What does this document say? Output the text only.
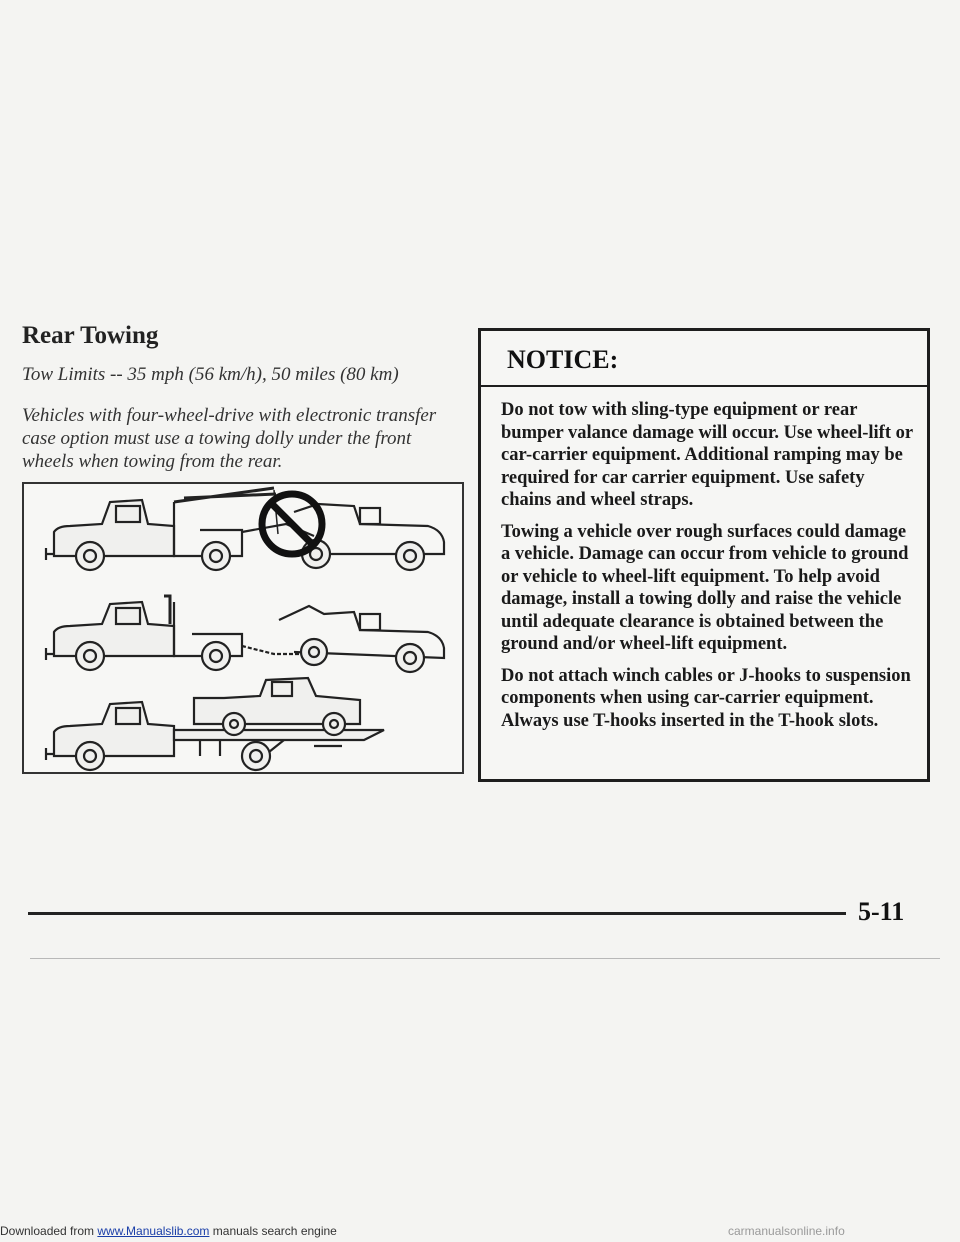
Downloaded from www.Manualslib.com manuals search engine
Rear Towing

Tow Limits -- 35 mph (56 km/h), 50 miles (80 km)

Vehicles with four-wheel-drive with electronic transfer case option must use a towing dolly under the front wheels when towing from the rear.

NOTICE:

Do not tow with sling-type equipment or rear bumper valance damage will occur. Use wheel-lift or car-carrier equipment. Additional ramping may be required for car carrier equipment. Use safety chains and wheel straps.

Towing a vehicle over rough surfaces could damage a vehicle. Damage can occur from vehicle to ground or vehicle to wheel-lift equipment. To help avoid damage, install a towing dolly and raise the vehicle until adequate clearance is obtained between the ground and/or wheel-lift equipment.

Do not attach winch cables or J-hooks to suspension components when using car-carrier equipment. Always use T-hooks inserted in the T-hook slots.

5-11
carmanualsonline.info
